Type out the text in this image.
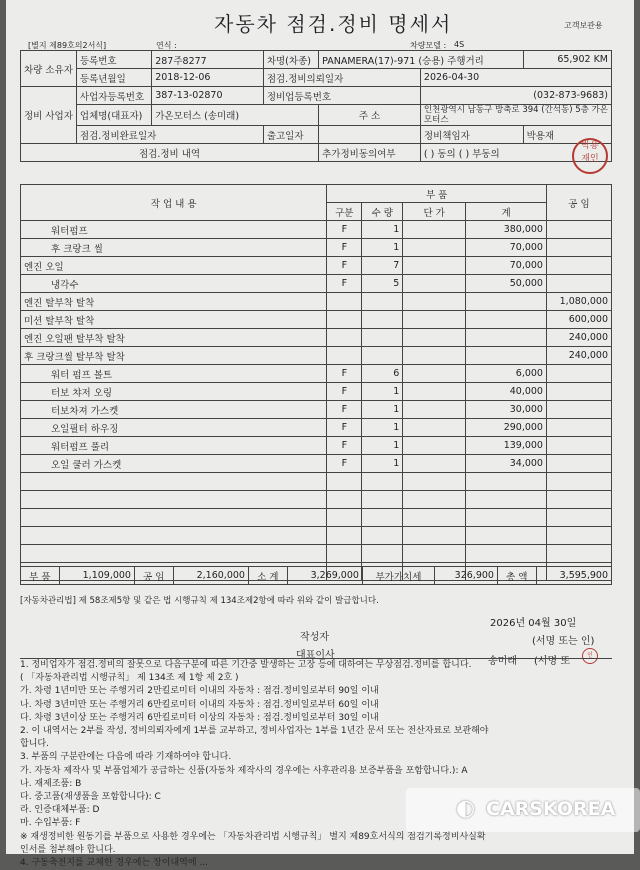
자동차 점검.정비 명세서	고객보관용
[별지 제89호의2서식]	연식 :	차량모델 : 4S
차량 소유자	등록번호	287주8277	차명(차종)	PANAMERA(17)-971 (승용) 주행거리		65,902 KM
	등록년월일	2018-12-06	점검.정비의뢰일자		2026-04-30	
정비 사업자	사업자등록번호	387-13-02870	정비업등록번호		(032-873-9683)	
	업체명(대표자)	가온모터스 (송미래)		주 소	인천광역시 남동구 방축로 394 (간석동) 5층 가온
모터스	
	점검.정비완료일자		출고일자		정비책임자	박용재
점검.정비 내역				추가정비동의여부	( ) 동의 ( ) 부동의	
박용
재인
작 업 내 용	부 품				공 임
	구분	수 량	단 가	계	
워터펌프	F	1		380,000	
후 크랑크 씰	F	1		70,000	
엔진 오일	F	7		70,000	
냉각수	F	5		50,000	
엔진 탈부착 탈착					1,080,000
미션 탈부착 탈착					600,000
엔진 오일팬 탈부착 탈착					240,000
후 크랑크씰 탈부착 탈착					240,000
워터 펌프 볼트	F	6		6,000	
터보 챠저 오링	F	1		40,000	
터보차져 가스켓	F	1		30,000	
오일필터 하우징	F	1		290,000	
워터펌프 풀리	F	1		139,000	
오일 쿨러 가스켓	F	1		34,000	

부 품	1,109,000	공 임	2,160,000	소 계	3,269,000	부가가치세	326,900	총 액	3,595,900
[자동차관리법] 제 58조제5항 및 같은 법 시행규칙 제 134조제2항에 따라 위와 같이 발급합니다.
2026년 04월 30일
작성자	(서명 또는 인)
대표이사
송미래 (서명 또
인
1. 정비업자가 점검.정비의 잘못으로 다음구분에 따른 기간중 발생하는 고장 등에 대하여는 무상점검.정비를 합니다.
( 「자동차관리법 시행규칙」 제 134조 제 1항 제 2호 )
가. 차령 1년미만 또는 주행거리 2만킬로미터 이내의 자동차 : 점검.정비일로부터 90일 이내
나. 차령 3년미만 또는 주행거리 6만킬로미터 이내의 자동차 : 점검.정비일로부터 60일 이내
다. 차령 3년이상 또는 주행거리 6만킬로미터 이상의 자동차 : 점검.정비일로부터 30일 이내
2. 이 내역서는 2부를 작성, 정비의뢰자에게 1부를 교부하고, 정비사업자는 1부를 1년간 문서 또는 전산자료로 보관해야
합니다.
3. 부품의 구분란에는 다음에 따라 기재하여야 합니다.
가. 자동차 제작사 및 부품업체가 공급하는 신품(자동차 제작사의 경우에는 사후관리용 보증부품을 포함합니다.): A
나. 재제조품: B
다. 중고품(재생품을 포함합니다): C
라. 인증대체부품: D
마. 수입부품: F
※ 재생정비한 원동기를 부품으로 사용한 경우에는 「자동차관리법 시행규칙」 별지 제89호서식의 점검기록정비사실확
인서를 첨부해야 합니다.
4. 구동축전지를 교체한 경우에는 장이내역에 ...
◐ CARSKOREA
